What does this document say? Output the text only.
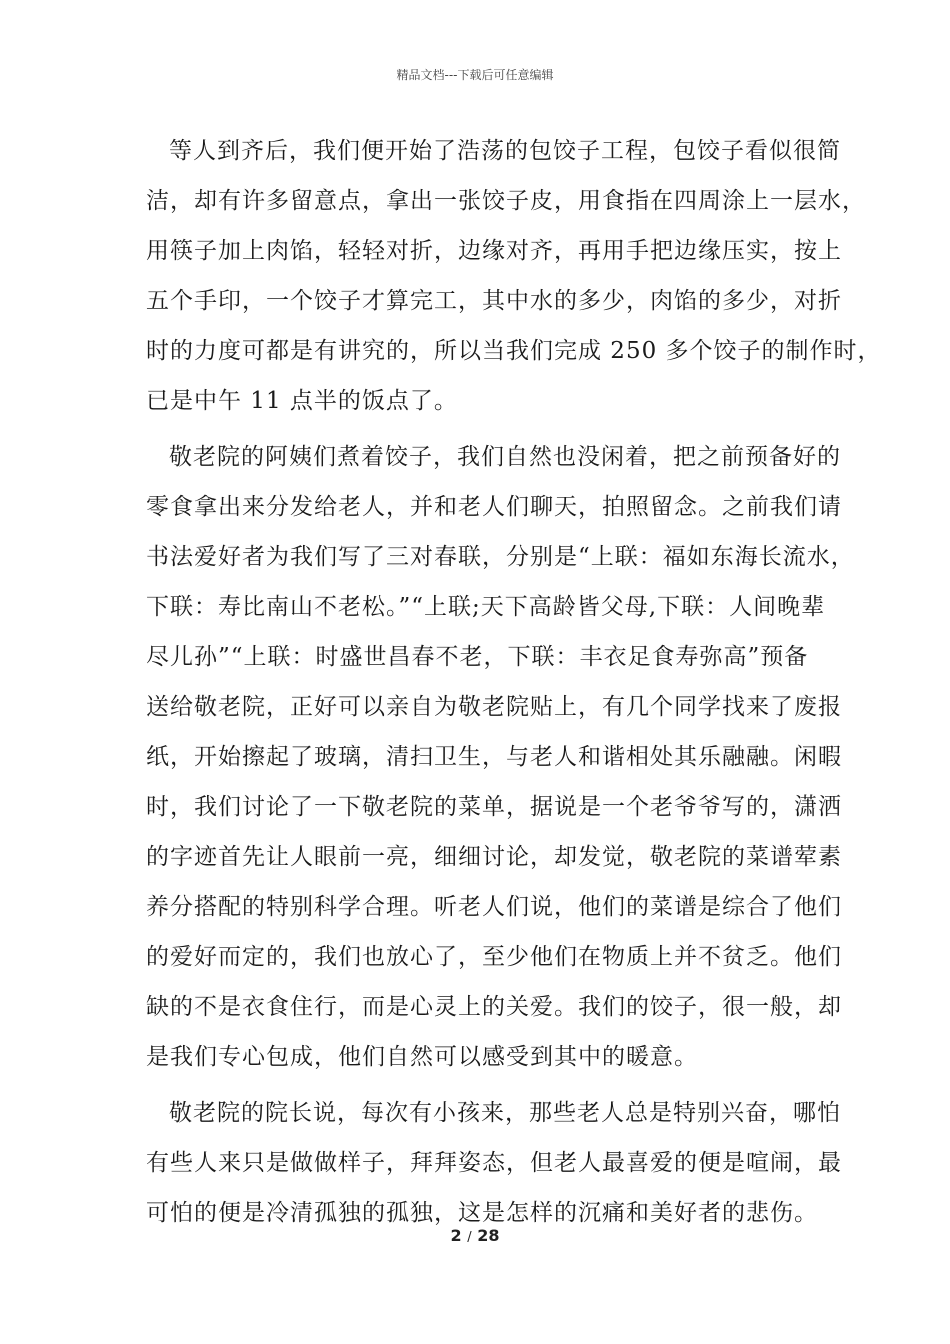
精品文档---下载后可任意编辑
等人到齐后，我们便开始了浩荡的包饺子工程，包饺子看似很简
洁，却有许多留意点，拿出一张饺子皮，用食指在四周涂上一层水，
用筷子加上肉馅，轻轻对折，边缘对齐，再用手把边缘压实，按上
五个手印，一个饺子才算完工，其中水的多少，肉馅的多少，对折
时的力度可都是有讲究的，所以当我们完成 250 多个饺子的制作时，
已是中午 11 点半的饭点了。
敬老院的阿姨们煮着饺子，我们自然也没闲着，把之前预备好的
零食拿出来分发给老人，并和老人们聊天，拍照留念。之前我们请
书法爱好者为我们写了三对春联，分别是“上联：福如东海长流水，
下联：寿比南山不老松。”“上联;天下高龄皆父母,下联：人间晚辈
尽儿孙”“上联：时盛世昌春不老，下联：丰衣足食寿弥高”预备
送给敬老院，正好可以亲自为敬老院贴上，有几个同学找来了废报
纸，开始擦起了玻璃，清扫卫生，与老人和谐相处其乐融融。闲暇
时，我们讨论了一下敬老院的菜单，据说是一个老爷爷写的，潇洒
的字迹首先让人眼前一亮，细细讨论，却发觉，敬老院的菜谱荤素
养分搭配的特别科学合理。听老人们说，他们的菜谱是综合了他们
的爱好而定的，我们也放心了，至少他们在物质上并不贫乏。他们
缺的不是衣食住行，而是心灵上的关爱。我们的饺子，很一般，却
是我们专心包成，他们自然可以感受到其中的暖意。
敬老院的院长说，每次有小孩来，那些老人总是特别兴奋，哪怕
有些人来只是做做样子，拜拜姿态，但老人最喜爱的便是喧闹，最
可怕的便是冷清孤独的孤独，这是怎样的沉痛和美好者的悲伤。
2 / 28
